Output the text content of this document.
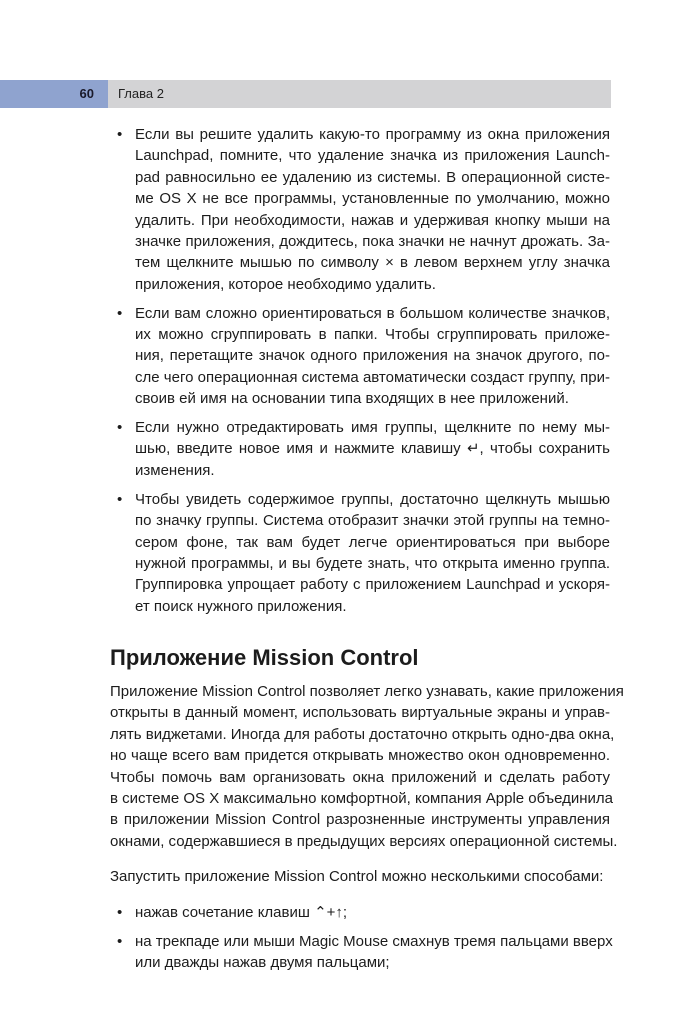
60	Глава 2
• Если вы решите удалить какую-то программу из окна приложения
Launchpad, помните, что удаление значка из приложения Launch-
pad равносильно ее удалению из системы. В операционной систе-
ме OS X не все программы, установленные по умолчанию, можно
удалить. При необходимости, нажав и удерживая кнопку мыши на
значке приложения, дождитесь, пока значки не начнут дрожать. За-
тем щелкните мышью по символу × в левом верхнем углу значка
приложения, которое необходимо удалить.
• Если вам сложно ориентироваться в большом количестве значков,
их можно сгруппировать в папки. Чтобы сгруппировать приложе-
ния, перетащите значок одного приложения на значок другого, по-
сле чего операционная система автоматически создаст группу, при-
своив ей имя на основании типа входящих в нее приложений.
• Если нужно отредактировать имя группы, щелкните по нему мы-
шью, введите новое имя и нажмите клавишу ↵, чтобы сохранить
изменения.
• Чтобы увидеть содержимое группы, достаточно щелкнуть мышью
по значку группы. Система отобразит значки этой группы на темно-
сером фоне, так вам будет легче ориентироваться при выборе
нужной программы, и вы будете знать, что открыта именно группа.
Группировка упрощает работу с приложением Launchpad и ускоря-
ет поиск нужного приложения.
Приложение Mission Control
Приложение Mission Control позволяет легко узнавать, какие приложения
открыты в данный момент, использовать виртуальные экраны и управ-
лять виджетами. Иногда для работы достаточно открыть одно-два окна,
но чаще всего вам придется открывать множество окон одновременно.
Чтобы помочь вам организовать окна приложений и сделать работу
в системе OS X максимально комфортной, компания Apple объединила
в приложении Mission Control разрозненные инструменты управления
окнами, содержавшиеся в предыдущих версиях операционной системы.
Запустить приложение Mission Control можно несколькими способами:
• нажав сочетание клавиш ⌃+↑;
• на трекпаде или мыши Magic Mouse смахнув тремя пальцами вверх
или дважды нажав двумя пальцами;
